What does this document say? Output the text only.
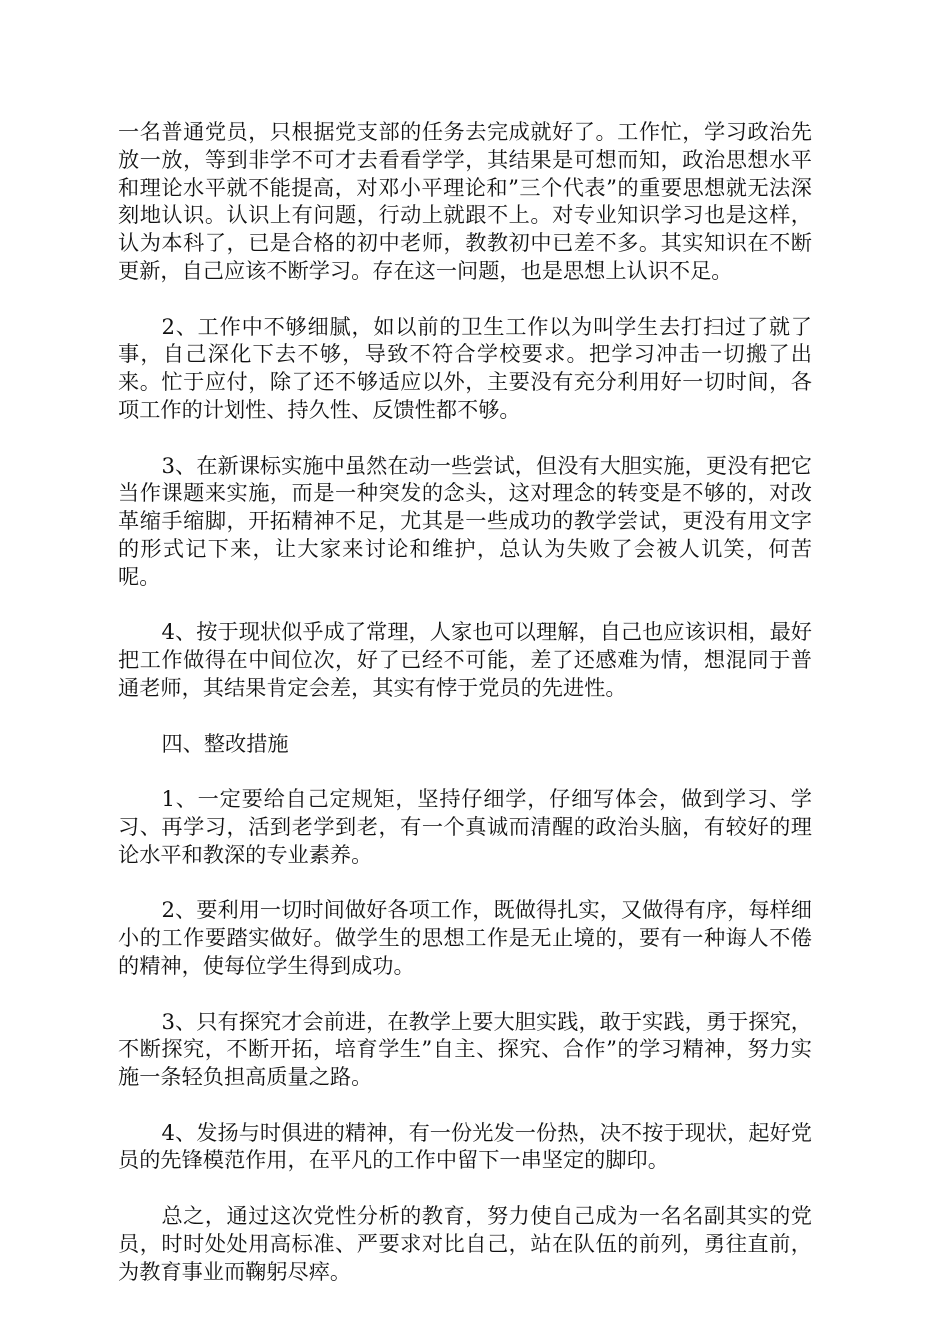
一名普通党员，只根据党支部的任务去完成就好了。工作忙，学习政治先放一放，等到非学不可才去看看学学，其结果是可想而知，政治思想水平和理论水平就不能提高，对邓小平理论和”三个代表”的重要思想就无法深刻地认识。认识上有问题，行动上就跟不上。对专业知识学习也是这样，认为本科了，已是合格的初中老师，教教初中已差不多。其实知识在不断更新，自己应该不断学习。存在这一问题，也是思想上认识不足。

2、工作中不够细腻，如以前的卫生工作以为叫学生去打扫过了就了事，自己深化下去不够，导致不符合学校要求。把学习冲击一切搬了出来。忙于应付，除了还不够适应以外，主要没有充分利用好一切时间，各项工作的计划性、持久性、反馈性都不够。

3、在新课标实施中虽然在动一些尝试，但没有大胆实施，更没有把它当作课题来实施，而是一种突发的念头，这对理念的转变是不够的，对改革缩手缩脚，开拓精神不足，尤其是一些成功的教学尝试，更没有用文字的形式记下来，让大家来讨论和维护，总认为失败了会被人讥笑，何苦呢。

4、按于现状似乎成了常理，人家也可以理解，自己也应该识相，最好把工作做得在中间位次，好了已经不可能，差了还感难为情，想混同于普通老师，其结果肯定会差，其实有悖于党员的先进性。

四、整改措施

1、一定要给自己定规矩，坚持仔细学，仔细写体会，做到学习、学习、再学习，活到老学到老，有一个真诚而清醒的政治头脑，有较好的理论水平和教深的专业素养。

2、要利用一切时间做好各项工作，既做得扎实，又做得有序，每样细小的工作要踏实做好。做学生的思想工作是无止境的，要有一种诲人不倦的精神，使每位学生得到成功。

3、只有探究才会前进，在教学上要大胆实践，敢于实践，勇于探究，不断探究，不断开拓，培育学生”自主、探究、合作”的学习精神，努力实施一条轻负担高质量之路。

4、发扬与时俱进的精神，有一份光发一份热，决不按于现状，起好党员的先锋模范作用，在平凡的工作中留下一串坚定的脚印。

总之，通过这次党性分析的教育，努力使自己成为一名名副其实的党员，时时处处用高标准、严要求对比自己，站在队伍的前列，勇往直前，为教育事业而鞠躬尽瘁。
